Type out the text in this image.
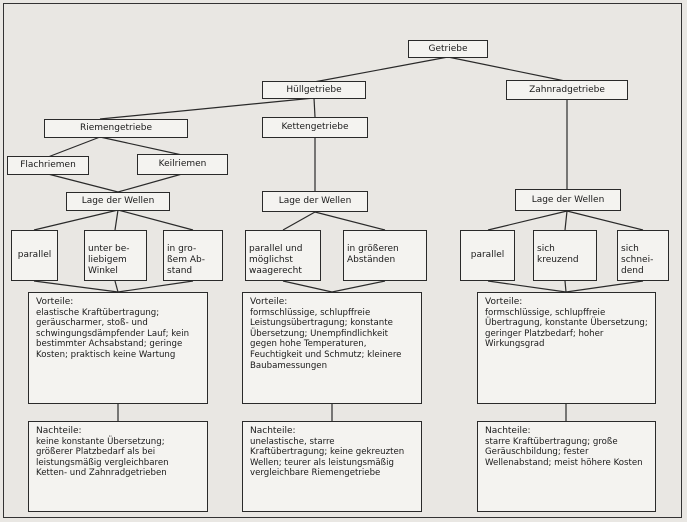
Getriebe
Hüllgetriebe	Zahnradgetriebe
Riemengetriebe	Kettengetriebe
Flachriemen	Keilriemen
Lage der Wellen	Lage der Wellen	Lage der Wellen
parallel

unter be-
liebigem
Winkel

in gro-
ßem Ab-
stand

parallel und
möglichst
waagerecht

in größeren
Abständen	parallel

sich
kreuzend

sich
schnei-
dend

Vorteile:
elastische Kraftübertragung; geräuscharmer, stoß- und schwingungsdämpfender Lauf; kein bestimmter Achsabstand; geringe Kosten; praktisch keine Wartung
Vorteile:
formschlüssige, schlupffreie Leistungsübertragung; konstante Übersetzung; Unempfindlichkeit gegen hohe Temperaturen, Feuchtigkeit und Schmutz; kleinere Baubamessungen
Vorteile:
formschlüssige, schlupffreie Übertragung, konstante Übersetzung; geringer Platzbedarf; hoher Wirkungsgrad
Nachteile:
keine konstante Übersetzung; größerer Platzbedarf als bei leistungsmäßig vergleichbaren Ketten- und Zahnradgetrieben
Nachteile:
unelastische, starre Kraftübertragung; keine gekreuzten Wellen; teurer als leistungsmäßig vergleichbare Riemengetriebe
Nachteile:
starre Kraftübertragung; große Geräuschbildung; fester Wellenabstand; meist höhere Kosten
